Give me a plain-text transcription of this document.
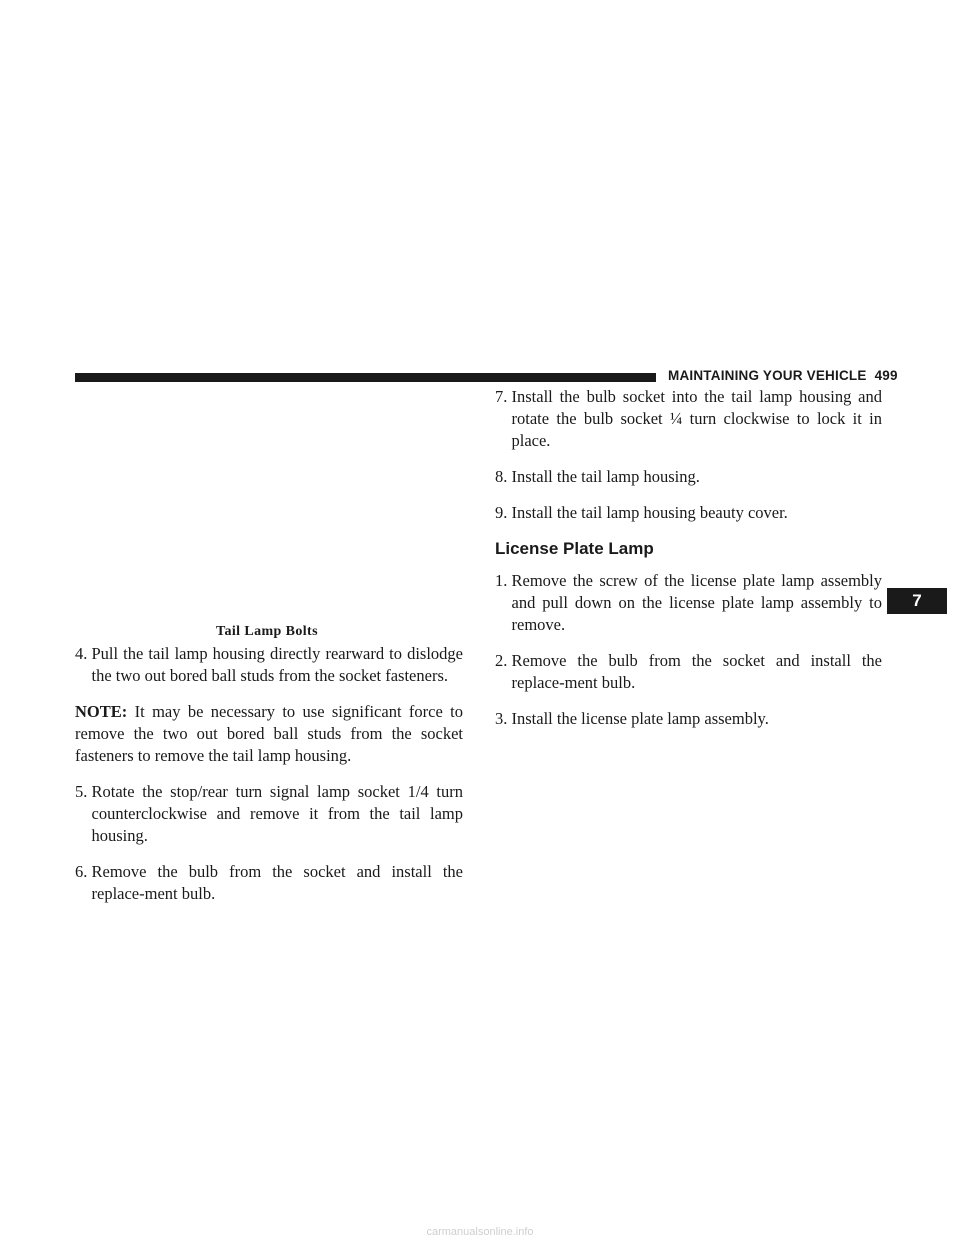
MAINTAINING YOUR VEHICLE 499
Tail Lamp Bolts
4. Pull the tail lamp housing directly rearward to dislodge the two out bored ball studs from the socket fasteners.

NOTE: It may be necessary to use significant force to remove the two out bored ball studs from the socket fasteners to remove the tail lamp housing.

5. Rotate the stop/rear turn signal lamp socket 1/4 turn counterclockwise and remove it from the tail lamp housing.
6. Remove the bulb from the socket and install the replace-ment bulb.
7. Install the bulb socket into the tail lamp housing and rotate the bulb socket ¼ turn clockwise to lock it in place.
8. Install the tail lamp housing.
9. Install the tail lamp housing beauty cover.
License Plate Lamp
1. Remove the screw of the license plate lamp assembly and pull down on the license plate lamp assembly to remove.
2. Remove the bulb from the socket and install the replace-ment bulb.
3. Install the license plate lamp assembly.
7
carmanualsonline.info
